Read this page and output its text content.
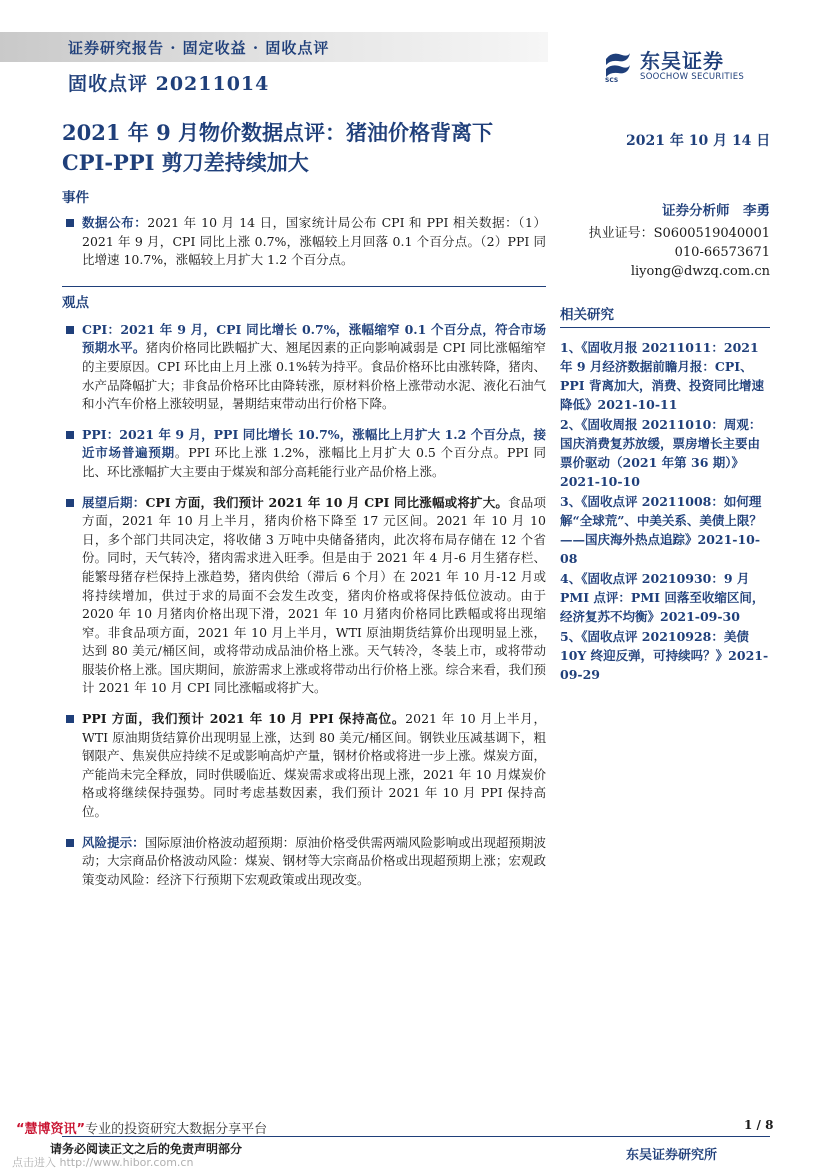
证券研究报告 · 固定收益 · 固收点评
固收点评 20211014	SCS
东吴证券
SOOCHOW SECURITIES
2021 年 9 月物价数据点评：猪油价格背离下
CPI-PPI 剪刀差持续加大
2021 年 10 月 14 日
事件
数据公布：2021 年 10 月 14 日，国家统计局公布 CPI 和 PPI 相关数据：（1）2021 年 9 月，CPI 同比上涨 0.7%，涨幅较上月回落 0.1 个百分点。（2）PPI 同比增速 10.7%，涨幅较上月扩大 1.2 个百分点。
观点
CPI：2021 年 9 月，CPI 同比增长 0.7%，涨幅缩窄 0.1 个百分点，符合市场预期水平。猪肉价格同比跌幅扩大、翘尾因素的正向影响减弱是 CPI 同比涨幅缩窄的主要原因。CPI 环比由上月上涨 0.1%转为持平。食品价格环比由涨转降，猪肉、水产品降幅扩大；非食品价格环比由降转涨，原材料价格上涨带动水泥、液化石油气和小汽车价格上涨较明显，暑期结束带动出行价格下降。
PPI：2021 年 9 月，PPI 同比增长 10.7%，涨幅比上月扩大 1.2 个百分点，接近市场普遍预期。PPI 环比上涨 1.2%，涨幅比上月扩大 0.5 个百分点。PPI 同比、环比涨幅扩大主要由于煤炭和部分高耗能行业产品价格上涨。
展望后期：CPI 方面，我们预计 2021 年 10 月 CPI 同比涨幅或将扩大。食品项方面，2021 年 10 月上半月，猪肉价格下降至 17 元区间。2021 年 10 月 10 日，多个部门共同决定，将收储 3 万吨中央储备猪肉，此次将布局存储在 12 个省份。同时，天气转冷，猪肉需求进入旺季。但是由于 2021 年 4 月-6 月生猪存栏、能繁母猪存栏保持上涨趋势，猪肉供给（滞后 6 个月）在 2021 年 10 月-12 月或将持续增加，供过于求的局面不会发生改变，猪肉价格或将保持低位波动。由于 2020 年 10 月猪肉价格出现下滑，2021 年 10 月猪肉价格同比跌幅或将出现缩窄。非食品项方面，2021 年 10 月上半月，WTI 原油期货结算价出现明显上涨，达到 80 美元/桶区间，或将带动成品油价格上涨。天气转冷，冬装上市，或将带动服装价格上涨。国庆期间，旅游需求上涨或将带动出行价格上涨。综合来看，我们预计 2021 年 10 月 CPI 同比涨幅或将扩大。
PPI 方面，我们预计 2021 年 10 月 PPI 保持高位。2021 年 10 月上半月，WTI 原油期货结算价出现明显上涨，达到 80 美元/桶区间。钢铁业压减基调下，粗钢限产、焦炭供应持续不足或影响高炉产量，钢材价格或将进一步上涨。煤炭方面，产能尚未完全释放，同时供暖临近、煤炭需求或将出现上涨，2021 年 10 月煤炭价格或将继续保持强势。同时考虑基数因素，我们预计 2021 年 10 月 PPI 保持高位。
风险提示：国际原油价格波动超预期：原油价格受供需两端风险影响或出现超预期波动；大宗商品价格波动风险：煤炭、钢材等大宗商品价格或出现超预期上涨；宏观政策变动风险：经济下行预期下宏观政策或出现改变。
证券分析师　李勇
执业证号：S0600519040001
010-66573671
liyong@dwzq.com.cn
相关研究
1、《固收月报 20211011：2021 年 9 月经济数据前瞻月报：CPI、PPI 背离加大，消费、投资同比增速降低》2021-10-11
2、《固收周报 20211010：周观：国庆消费复苏放缓，票房增长主要由票价驱动（2021 年第 36 期）》2021-10-10
3、《固收点评 20211008：如何理解“全球荒”、中美关系、美债上限？——国庆海外热点追踪》2021-10-08
4、《固收点评 20210930：9 月 PMI 点评：PMI 回落至收缩区间，经济复苏不均衡》2021-09-30
5、《固收点评 20210928：美债 10Y 终迎反弹，可持续吗？》2021-09-29
1 / 8
东吴证券研究所
“慧博资讯”专业的投资研究大数据分享平台
请务必阅读正文之后的免责声明部分
点击进入 http://www.hibor.com.cn
